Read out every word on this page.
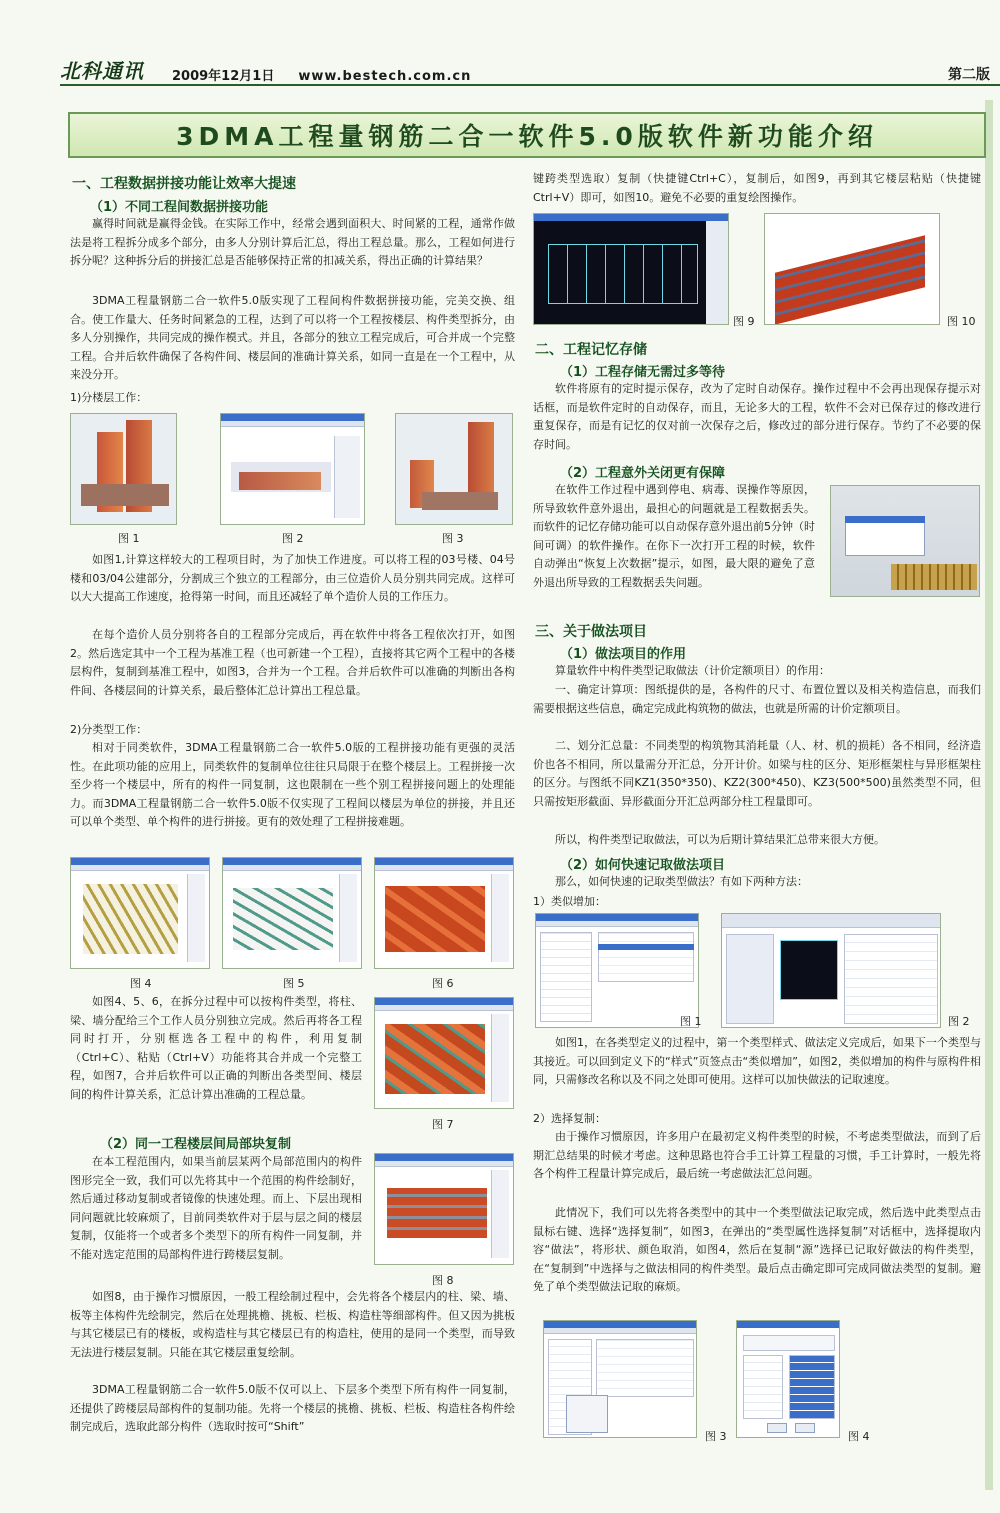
北科通讯 2009年12月1日 www.bestech.com.cn	第二版
3DMA工程量钢筋二合一软件5.0版软件新功能介绍
一、工程数据拼接功能让效率大提速
（1）不同工程间数据拼接功能
赢得时间就是赢得金钱。在实际工作中，经常会遇到面积大、时间紧的工程，通常作做法是将工程拆分成多个部分，由多人分别计算后汇总，得出工程总量。那么，工程如何进行拆分呢？这种拆分后的拼接汇总是否能够保持正常的扣减关系，得出正确的计算结果？
3DMA工程量钢筋二合一软件5.0版实现了工程间构件数据拼接功能，完美交换、组合。使工作量大、任务时间紧急的工程，达到了可以将一个工程按楼层、构件类型拆分，由多人分别操作，共同完成的操作模式。并且，各部分的独立工程完成后，可合并成一个完整工程。合并后软件确保了各构件间、楼层间的准确计算关系，如同一直是在一个工程中，从来没分开。
1)分楼层工作：
图 1	图 2	图 3
如图1,计算这样较大的工程项目时，为了加快工作进度。可以将工程的03号楼、04号楼和03/04公建部分，分割成三个独立的工程部分，由三位造价人员分别共同完成。这样可以大大提高工作速度，抢得第一时间，而且还减轻了单个造价人员的工作压力。
在每个造价人员分别将各自的工程部分完成后，再在软件中将各工程依次打开，如图2。然后选定其中一个工程为基准工程（也可新建一个工程），直接将其它两个工程中的各楼层构件，复制到基准工程中，如图3，合并为一个工程。合并后软件可以准确的判断出各构件间、各楼层间的计算关系，最后整体汇总计算出工程总量。
2)分类型工作：
相对于同类软件，3DMA工程量钢筋二合一软件5.0版的工程拼接功能有更强的灵活性。在此项功能的应用上，同类软件的复制单位往往只局限于在整个楼层上。工程拼接一次至少将一个楼层中，所有的构件一同复制，这也限制在一些个别工程拼接问题上的处理能力。而3DMA工程量钢筋二合一软件5.0版不仅实现了工程间以楼层为单位的拼接，并且还可以单个类型、单个构件的进行拼接。更有的效处理了工程拼接难题。
图 4	图 5	图 6
如图4、5、6，在拆分过程中可以按构件类型，将柱、梁、墙分配给三个工作人员分别独立完成。然后再将各工程同时打开，分别框选各工程中的构件，利用复制（Ctrl+C）、粘贴（Ctrl+V）功能将其合并成一个完整工程，如图7，合并后软件可以正确的判断出各类型间、楼层间的构件计算关系，汇总计算出准确的工程总量。
图 7
（2）同一工程楼层间局部块复制
在本工程范围内，如果当前层某两个局部范围内的构件图形完全一致，我们可以先将其中一个范围的构件绘制好，然后通过移动复制或者镜像的快速处理。而上、下层出现相同问题就比较麻烦了，目前同类软件对于层与层之间的楼层复制，仅能将一个或者多个类型下的所有构件一同复制，并不能对选定范围的局部构件进行跨楼层复制。
图 8
如图8，由于操作习惯原因，一般工程绘制过程中，会先将各个楼层内的柱、梁、墙、板等主体构件先绘制完，然后在处理挑檐、挑板、栏板、构造柱等细部构件。但又因为挑板与其它楼层已有的楼板，或构造柱与其它楼层已有的构造柱，使用的是同一个类型，而导致无法进行楼层复制。只能在其它楼层重复绘制。
3DMA工程量钢筋二合一软件5.0版不仅可以上、下层多个类型下所有构件一同复制，还提供了跨楼层局部构件的复制功能。先将一个楼层的挑檐、挑板、栏板、构造柱各构件绘制完成后，选取此部分构件（选取时按可“Shift”
键跨类型选取）复制（快捷键Ctrl+C），复制后，如图9，再到其它楼层粘贴（快捷键Ctrl+V）即可，如图10。避免不必要的重复绘图操作。
图 9	图 10
二、工程记忆存储
（1）工程存储无需过多等待
软件将原有的定时提示保存，改为了定时自动保存。操作过程中不会再出现保存提示对话框，而是软件定时的自动保存，而且，无论多大的工程，软件不会对已保存过的修改进行重复保存，而是有记忆的仅对前一次保存之后，修改过的部分进行保存。节约了不必要的保存时间。
（2）工程意外关闭更有保障
在软件工作过程中遇到停电、病毒、误操作等原因，所导致软件意外退出，最担心的问题就是工程数据丢失。而软件的记忆存储功能可以自动保存意外退出前5分钟（时间可调）的软件操作。在你下一次打开工程的时候，软件自动弹出“恢复上次数据”提示，如图，最大限的避免了意外退出所导致的工程数据丢失问题。
三、关于做法项目
（1）做法项目的作用
算量软件中构件类型记取做法（计价定额项目）的作用：
一、确定计算项：图纸提供的是，各构件的尺寸、布置位置以及相关构造信息，而我们需要根据这些信息，确定完成此构筑物的做法，也就是所需的计价定额项目。
二、划分汇总量：不同类型的构筑物其消耗量（人、材、机的损耗）各不相同，经济造价也各不相同，所以量需分开汇总，分开计价。如梁与柱的区分、矩形框架柱与异形框架柱的区分。与图纸不同KZ1(350*350)、KZ2(300*450)、KZ3(500*500)虽然类型不同，但只需按矩形截面、异形截面分开汇总两部分柱工程量即可。
所以，构件类型记取做法，可以为后期计算结果汇总带来很大方便。
（2）如何快速记取做法项目
那么，如何快速的记取类型做法？有如下两种方法：
1）类似增加：
图 1	图 2
如图1，在各类型定义的过程中，第一个类型样式、做法定义完成后，如果下一个类型与其接近。可以回到定义下的“样式”页签点击“类似增加”，如图2，类似增加的构件与原构件相同，只需修改名称以及不同之处即可使用。这样可以加快做法的记取速度。
2）选择复制：
由于操作习惯原因，许多用户在最初定义构件类型的时候，不考虑类型做法，而到了后期汇总结果的时候才考虑。这种思路也符合手工计算工程量的习惯，手工计算时，一般先将各个构件工程量计算完成后，最后统一考虑做法汇总问题。
此情况下，我们可以先将各类型中的其中一个类型做法记取完成，然后选中此类型点击鼠标右键、选择“选择复制”，如图3，在弹出的“类型属性选择复制”对话框中，选择提取内容“做法”，将形状、颜色取消，如图4，然后在复制“源”选择已记取好做法的构件类型，在“复制到”中选择与之做法相同的构件类型。最后点击确定即可完成同做法类型的复制。避免了单个类型做法记取的麻烦。
图 3	图 4
